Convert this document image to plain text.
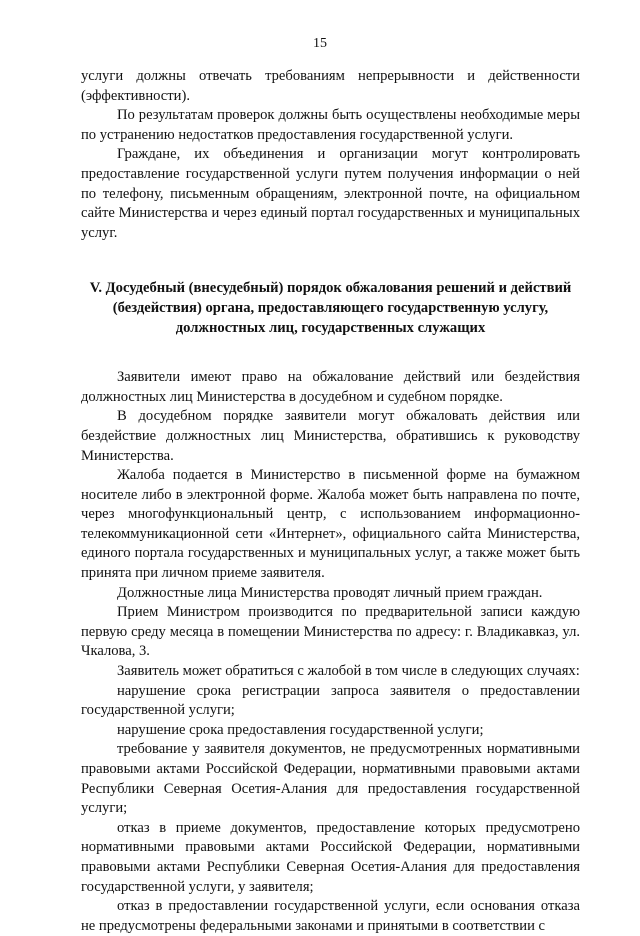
15

услуги должны отвечать требованиям непрерывности и действенности (эффективности).

По результатам проверок должны быть осуществлены необходимые меры по устранению недостатков предоставления государственной услуги.

Граждане, их объединения и организации могут контролировать предоставление государственной услуги путем получения информации о ней по телефону, письменным обращениям, электронной почте, на официальном сайте Министерства и через единый портал государственных и муниципальных услуг.

V. Досудебный (внесудебный) порядок обжалования решений и действий
(бездействия) органа, предоставляющего государственную услугу,
должностных лиц, государственных служащих

Заявители имеют право на обжалование действий или бездействия должностных лиц Министерства в досудебном и судебном порядке.

В досудебном порядке заявители могут обжаловать действия или бездействие должностных лиц Министерства, обратившись к руководству Министерства.

Жалоба подается в Министерство в письменной форме на бумажном носителе либо в электронной форме. Жалоба может быть направлена по почте, через многофункциональный центр, с использованием информационно-телекоммуникационной сети «Интернет», официального сайта Министерства, единого портала государственных и муниципальных услуг, а также может быть принята при личном приеме заявителя.

Должностные лица Министерства проводят личный прием граждан.

Прием Министром производится по предварительной записи каждую первую среду месяца в помещении Министерства по адресу: г. Владикавказ, ул. Чкалова, 3.

Заявитель может обратиться с жалобой в том числе в следующих случаях:

нарушение срока регистрации запроса заявителя о предоставлении государственной услуги;

нарушение срока предоставления государственной услуги;

требование у заявителя документов, не предусмотренных нормативными правовыми актами Российской Федерации, нормативными правовыми актами Республики Северная Осетия-Алания для предоставления государственной услуги;

отказ в приеме документов, предоставление которых предусмотрено нормативными правовыми актами Российской Федерации, нормативными правовыми актами Республики Северная Осетия-Алания для предоставления государственной услуги, у заявителя;

отказ в предоставлении государственной услуги, если основания отказа не предусмотрены федеральными законами и принятыми в соответствии с
